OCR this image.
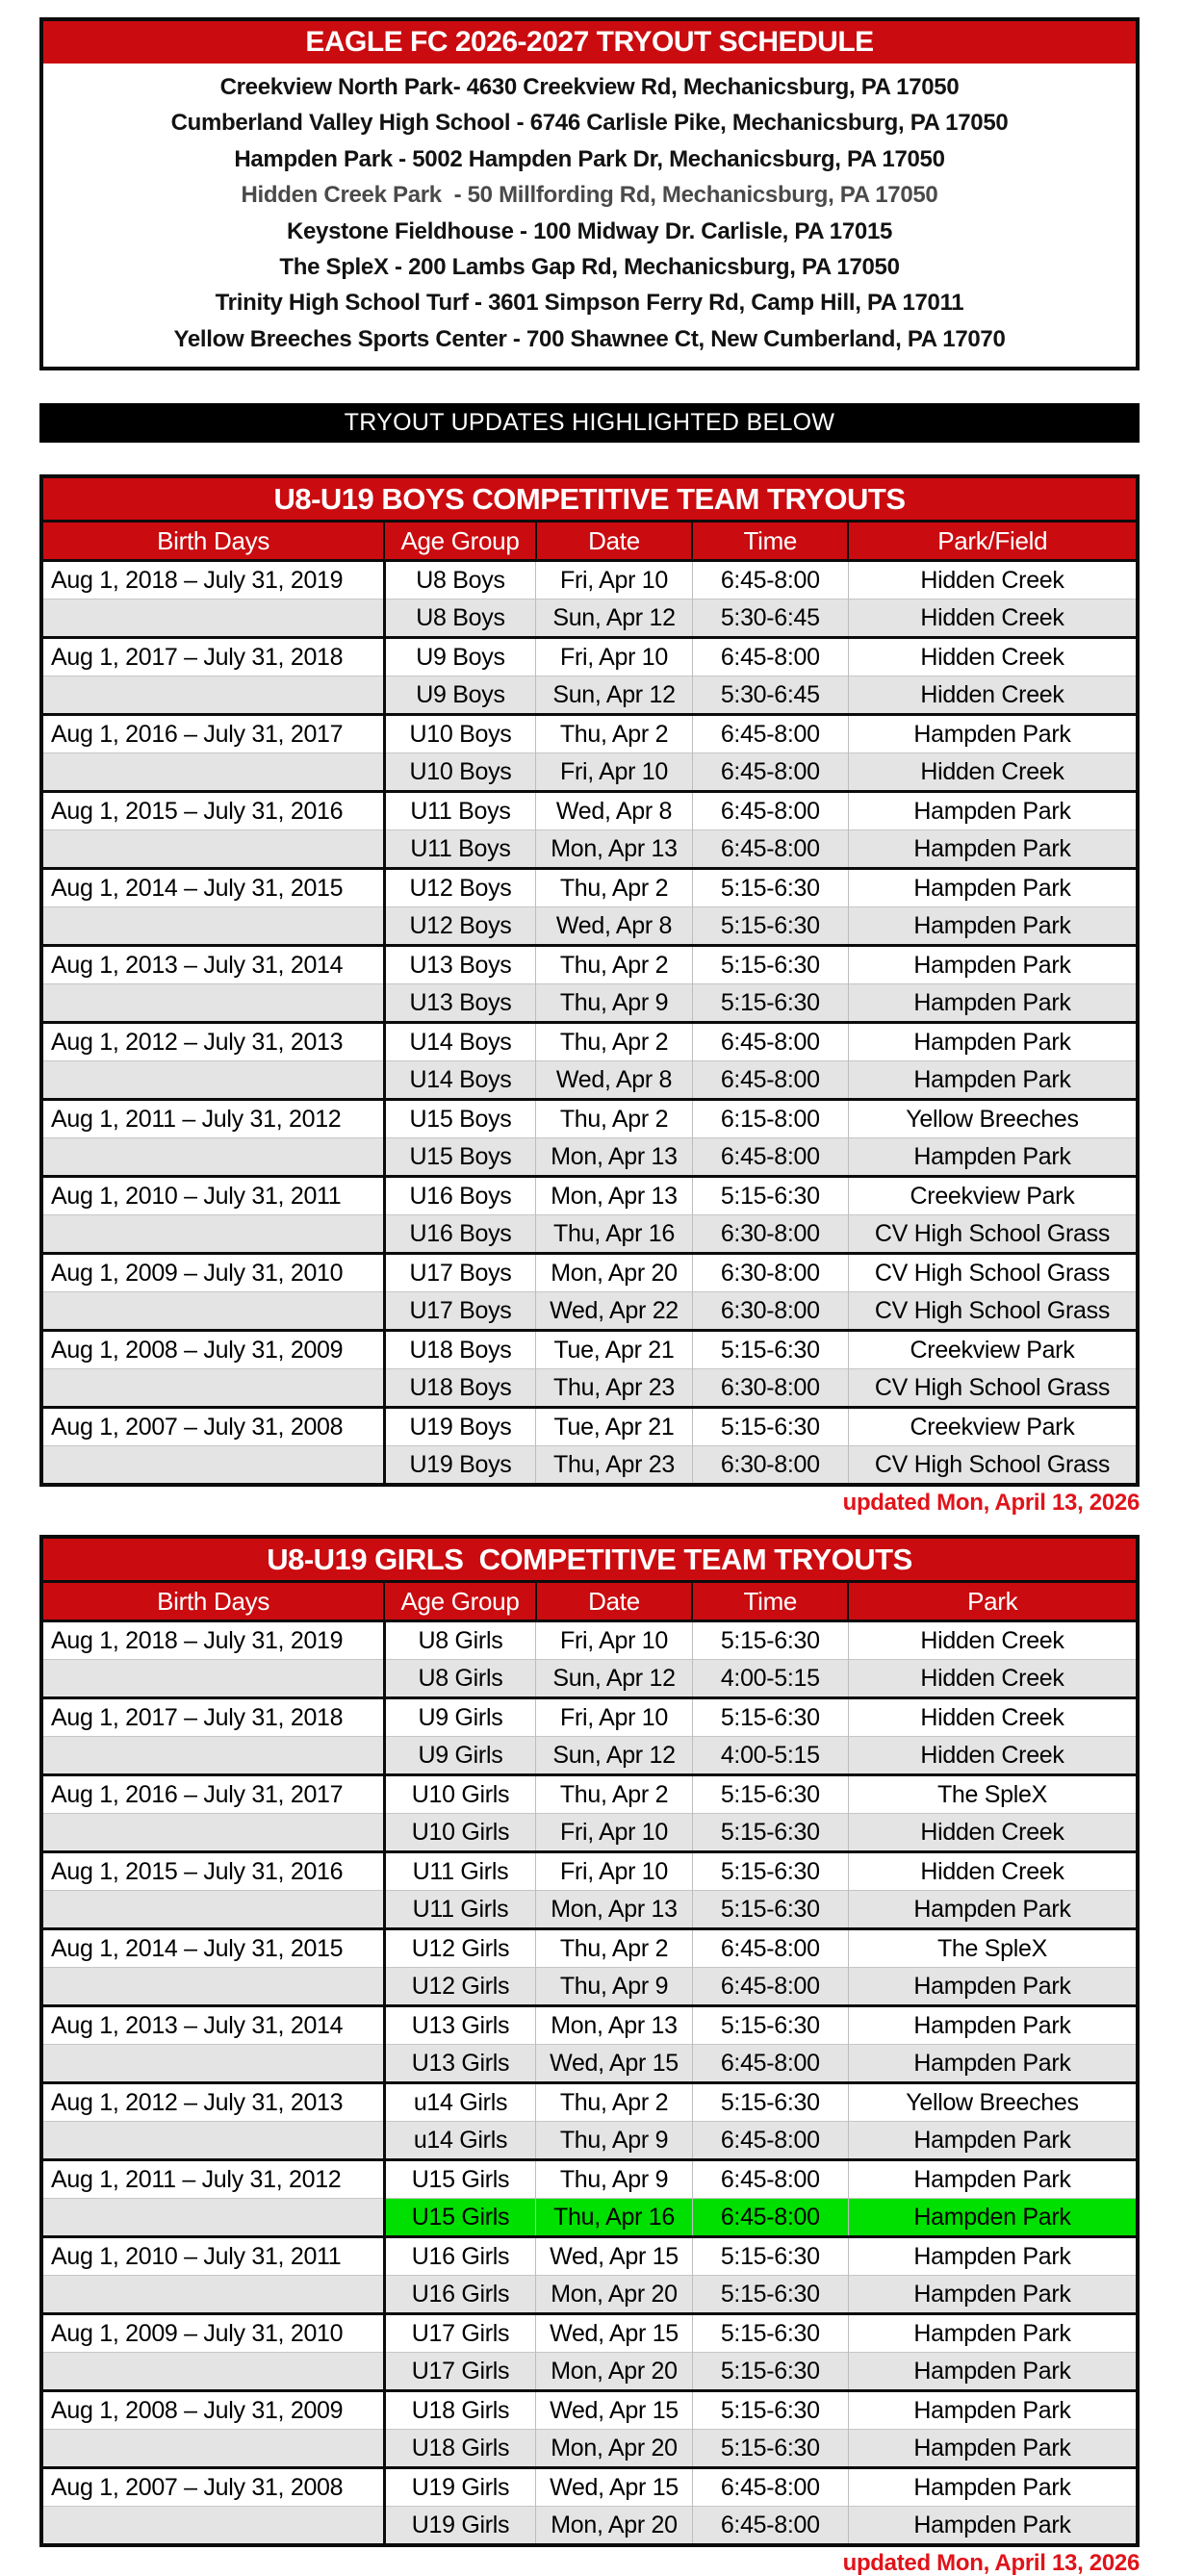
EAGLE FC 2026-2027 TRYOUT SCHEDULE
Creekview North Park- 4630 Creekview Rd, Mechanicsburg, PA 17050
Cumberland Valley High School - 6746 Carlisle Pike, Mechanicsburg, PA 17050
Hampden Park - 5002 Hampden Park Dr, Mechanicsburg, PA 17050
Hidden Creek Park  - 50 Millfording Rd, Mechanicsburg, PA 17050
Keystone Fieldhouse - 100 Midway Dr. Carlisle, PA 17015
The SpleX - 200 Lambs Gap Rd, Mechanicsburg, PA 17050
Trinity High School Turf - 3601 Simpson Ferry Rd, Camp Hill, PA 17011
Yellow Breeches Sports Center - 700 Shawnee Ct, New Cumberland, PA 17070
TRYOUT UPDATES HIGHLIGHTED BELOW
U8-U19 BOYS COMPETITIVE TEAM TRYOUTS
Birth Days	Age Group	Date	Time	Park/Field
Aug 1, 2018 – July 31, 2019	U8 Boys	Fri, Apr 10	6:45-8:00	Hidden Creek
	U8 Boys	Sun, Apr 12	5:30-6:45	Hidden Creek
Aug 1, 2017 – July 31, 2018	U9 Boys	Fri, Apr 10	6:45-8:00	Hidden Creek
	U9 Boys	Sun, Apr 12	5:30-6:45	Hidden Creek
Aug 1, 2016 – July 31, 2017	U10 Boys	Thu, Apr 2	6:45-8:00	Hampden Park
	U10 Boys	Fri, Apr 10	6:45-8:00	Hidden Creek
Aug 1, 2015 – July 31, 2016	U11 Boys	Wed, Apr 8	6:45-8:00	Hampden Park
	U11 Boys	Mon, Apr 13	6:45-8:00	Hampden Park
Aug 1, 2014 – July 31, 2015	U12 Boys	Thu, Apr 2	5:15-6:30	Hampden Park
	U12 Boys	Wed, Apr 8	5:15-6:30	Hampden Park
Aug 1, 2013 – July 31, 2014	U13 Boys	Thu, Apr 2	5:15-6:30	Hampden Park
	U13 Boys	Thu, Apr 9	5:15-6:30	Hampden Park
Aug 1, 2012 – July 31, 2013	U14 Boys	Thu, Apr 2	6:45-8:00	Hampden Park
	U14 Boys	Wed, Apr 8	6:45-8:00	Hampden Park
Aug 1, 2011 – July 31, 2012	U15 Boys	Thu, Apr 2	6:15-8:00	Yellow Breeches
	U15 Boys	Mon, Apr 13	6:45-8:00	Hampden Park
Aug 1, 2010 – July 31, 2011	U16 Boys	Mon, Apr 13	5:15-6:30	Creekview Park
	U16 Boys	Thu, Apr 16	6:30-8:00	CV High School Grass
Aug 1, 2009 – July 31, 2010	U17 Boys	Mon, Apr 20	6:30-8:00	CV High School Grass
	U17 Boys	Wed, Apr 22	6:30-8:00	CV High School Grass
Aug 1, 2008 – July 31, 2009	U18 Boys	Tue, Apr 21	5:15-6:30	Creekview Park
	U18 Boys	Thu, Apr 23	6:30-8:00	CV High School Grass
Aug 1, 2007 – July 31, 2008	U19 Boys	Tue, Apr 21	5:15-6:30	Creekview Park
	U19 Boys	Thu, Apr 23	6:30-8:00	CV High School Grass
updated Mon, April 13, 2026
U8-U19 GIRLS  COMPETITIVE TEAM TRYOUTS
Birth Days	Age Group	Date	Time	Park
Aug 1, 2018 – July 31, 2019	U8 Girls	Fri, Apr 10	5:15-6:30	Hidden Creek
	U8 Girls	Sun, Apr 12	4:00-5:15	Hidden Creek
Aug 1, 2017 – July 31, 2018	U9 Girls	Fri, Apr 10	5:15-6:30	Hidden Creek
	U9 Girls	Sun, Apr 12	4:00-5:15	Hidden Creek
Aug 1, 2016 – July 31, 2017	U10 Girls	Thu, Apr 2	5:15-6:30	The SpleX
	U10 Girls	Fri, Apr 10	5:15-6:30	Hidden Creek
Aug 1, 2015 – July 31, 2016	U11 Girls	Fri, Apr 10	5:15-6:30	Hidden Creek
	U11 Girls	Mon, Apr 13	5:15-6:30	Hampden Park
Aug 1, 2014 – July 31, 2015	U12 Girls	Thu, Apr 2	6:45-8:00	The SpleX
	U12 Girls	Thu, Apr 9	6:45-8:00	Hampden Park
Aug 1, 2013 – July 31, 2014	U13 Girls	Mon, Apr 13	5:15-6:30	Hampden Park
	U13 Girls	Wed, Apr 15	6:45-8:00	Hampden Park
Aug 1, 2012 – July 31, 2013	u14 Girls	Thu, Apr 2	5:15-6:30	Yellow Breeches
	u14 Girls	Thu, Apr 9	6:45-8:00	Hampden Park
Aug 1, 2011 – July 31, 2012	U15 Girls	Thu, Apr 9	6:45-8:00	Hampden Park
	U15 Girls	Thu, Apr 16	6:45-8:00	Hampden Park
Aug 1, 2010 – July 31, 2011	U16 Girls	Wed, Apr 15	5:15-6:30	Hampden Park
	U16 Girls	Mon, Apr 20	5:15-6:30	Hampden Park
Aug 1, 2009 – July 31, 2010	U17 Girls	Wed, Apr 15	5:15-6:30	Hampden Park
	U17 Girls	Mon, Apr 20	5:15-6:30	Hampden Park
Aug 1, 2008 – July 31, 2009	U18 Girls	Wed, Apr 15	5:15-6:30	Hampden Park
	U18 Girls	Mon, Apr 20	5:15-6:30	Hampden Park
Aug 1, 2007 – July 31, 2008	U19 Girls	Wed, Apr 15	6:45-8:00	Hampden Park
	U19 Girls	Mon, Apr 20	6:45-8:00	Hampden Park
updated Mon, April 13, 2026
